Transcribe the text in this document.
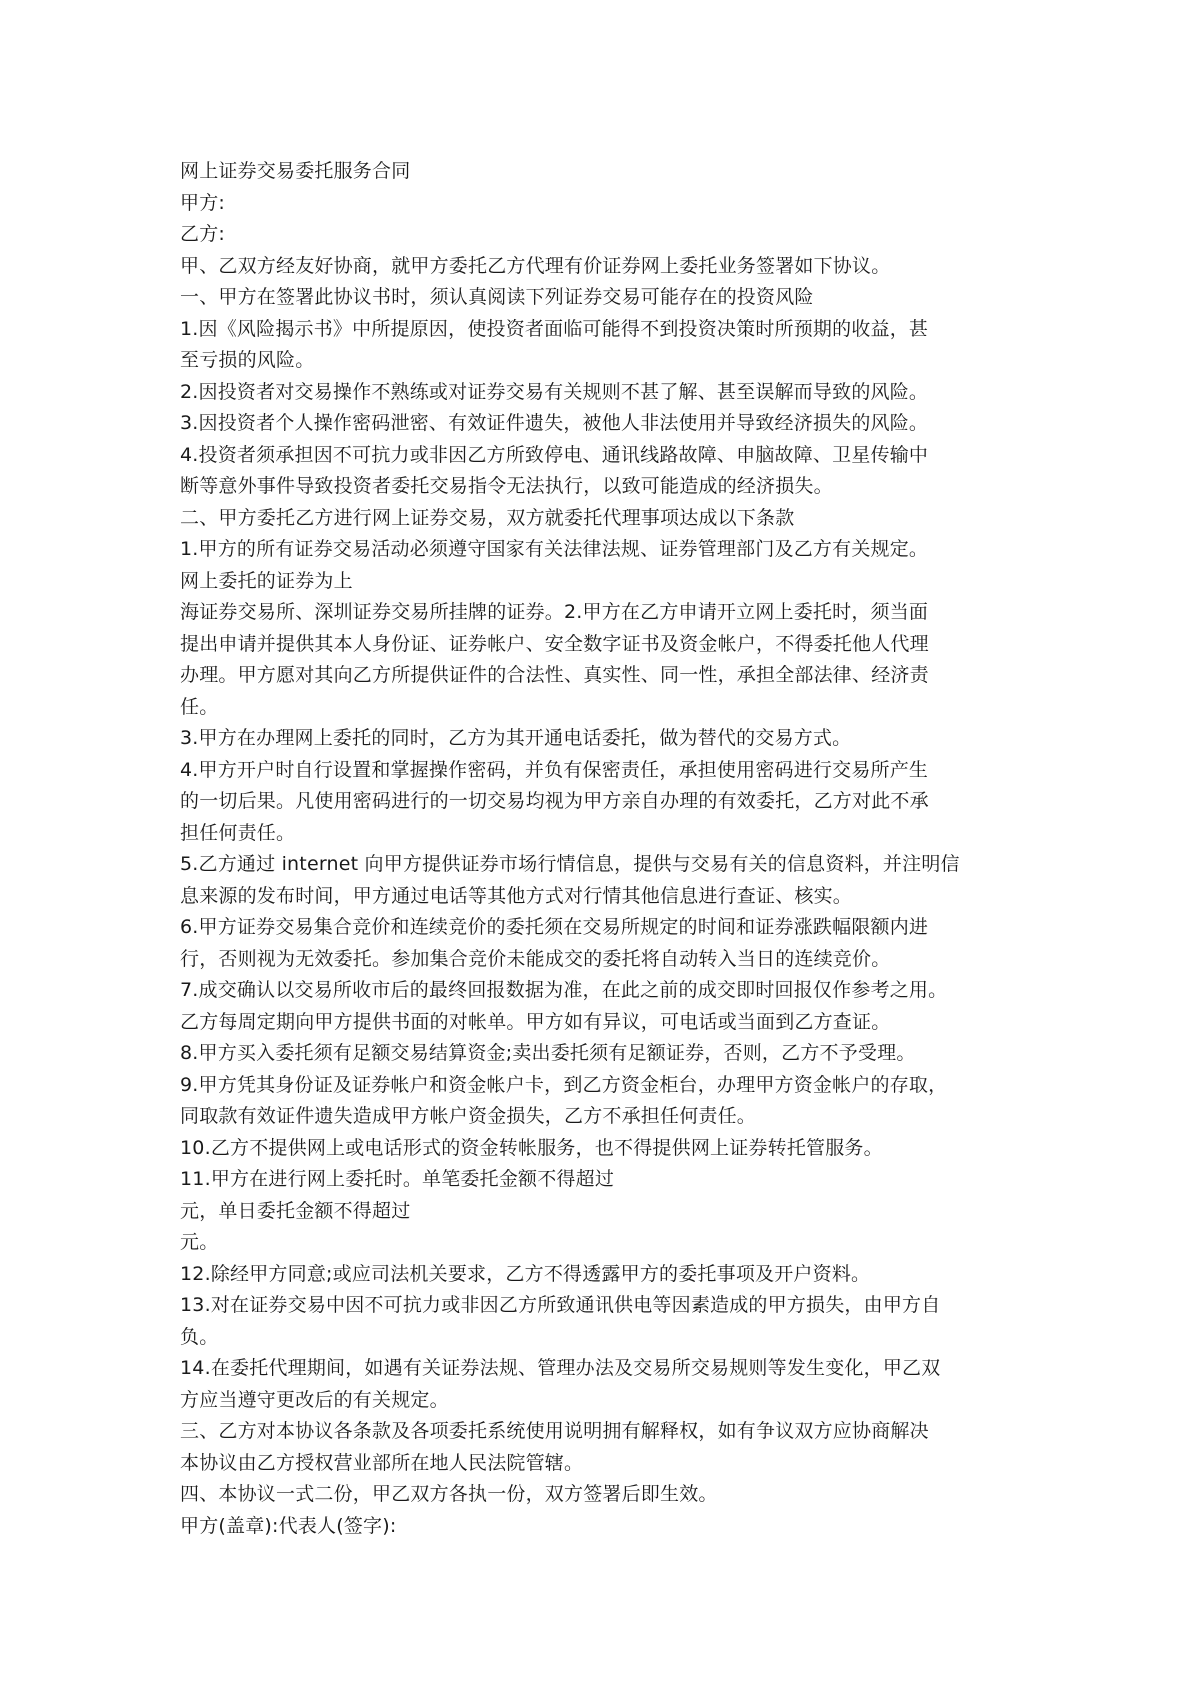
网上证券交易委托服务合同
甲方:
乙方:
甲、乙双方经友好协商，就甲方委托乙方代理有价证券网上委托业务签署如下协议。
一、甲方在签署此协议书时，须认真阅读下列证券交易可能存在的投资风险
1.因《风险揭示书》中所提原因，使投资者面临可能得不到投资决策时所预期的收益，甚
至亏损的风险。
2.因投资者对交易操作不熟练或对证券交易有关规则不甚了解、甚至误解而导致的风险。
3.因投资者个人操作密码泄密、有效证件遗失，被他人非法使用并导致经济损失的风险。
4.投资者须承担因不可抗力或非因乙方所致停电、通讯线路故障、申脑故障、卫星传输中
断等意外事件导致投资者委托交易指令无法执行，以致可能造成的经济损失。
二、甲方委托乙方进行网上证券交易，双方就委托代理事项达成以下条款
1.甲方的所有证券交易活动必须遵守国家有关法律法规、证券管理部门及乙方有关规定。
网上委托的证券为上
海证券交易所、深圳证券交易所挂牌的证券。2.甲方在乙方申请开立网上委托时，须当面
提出申请并提供其本人身份证、证券帐户、安全数字证书及资金帐户，不得委托他人代理
办理。甲方愿对其向乙方所提供证件的合法性、真实性、同一性，承担全部法律、经济责
任。
3.甲方在办理网上委托的同时，乙方为其开通电话委托，做为替代的交易方式。
4.甲方开户时自行设置和掌握操作密码，并负有保密责任，承担使用密码进行交易所产生
的一切后果。凡使用密码进行的一切交易均视为甲方亲自办理的有效委托，乙方对此不承
担任何责任。
5.乙方通过 internet 向甲方提供证券市场行情信息，提供与交易有关的信息资料，并注明信
息来源的发布时间，甲方通过电话等其他方式对行情其他信息进行查证、核实。
6.甲方证券交易集合竞价和连续竞价的委托须在交易所规定的时间和证券涨跌幅限额内进
行，否则视为无效委托。参加集合竞价未能成交的委托将自动转入当日的连续竞价。
7.成交确认以交易所收市后的最终回报数据为准，在此之前的成交即时回报仅作参考之用。
乙方每周定期向甲方提供书面的对帐单。甲方如有异议，可电话或当面到乙方查证。
8.甲方买入委托须有足额交易结算资金;卖出委托须有足额证券，否则，乙方不予受理。
9.甲方凭其身份证及证券帐户和资金帐户卡，到乙方资金柜台，办理甲方资金帐户的存取，
同取款有效证件遗失造成甲方帐户资金损失，乙方不承担任何责任。
10.乙方不提供网上或电话形式的资金转帐服务，也不得提供网上证券转托管服务。
11.甲方在进行网上委托时。单笔委托金额不得超过
元，单日委托金额不得超过
元。
12.除经甲方同意;或应司法机关要求，乙方不得透露甲方的委托事项及开户资料。
13.对在证券交易中因不可抗力或非因乙方所致通讯供电等因素造成的甲方损失，由甲方自
负。
14.在委托代理期间，如遇有关证券法规、管理办法及交易所交易规则等发生变化，甲乙双
方应当遵守更改后的有关规定。
三、乙方对本协议各条款及各项委托系统使用说明拥有解释权，如有争议双方应协商解决
本协议由乙方授权营业部所在地人民法院管辖。
四、本协议一式二份，甲乙双方各执一份，双方签署后即生效。
甲方(盖章):代表人(签字):
